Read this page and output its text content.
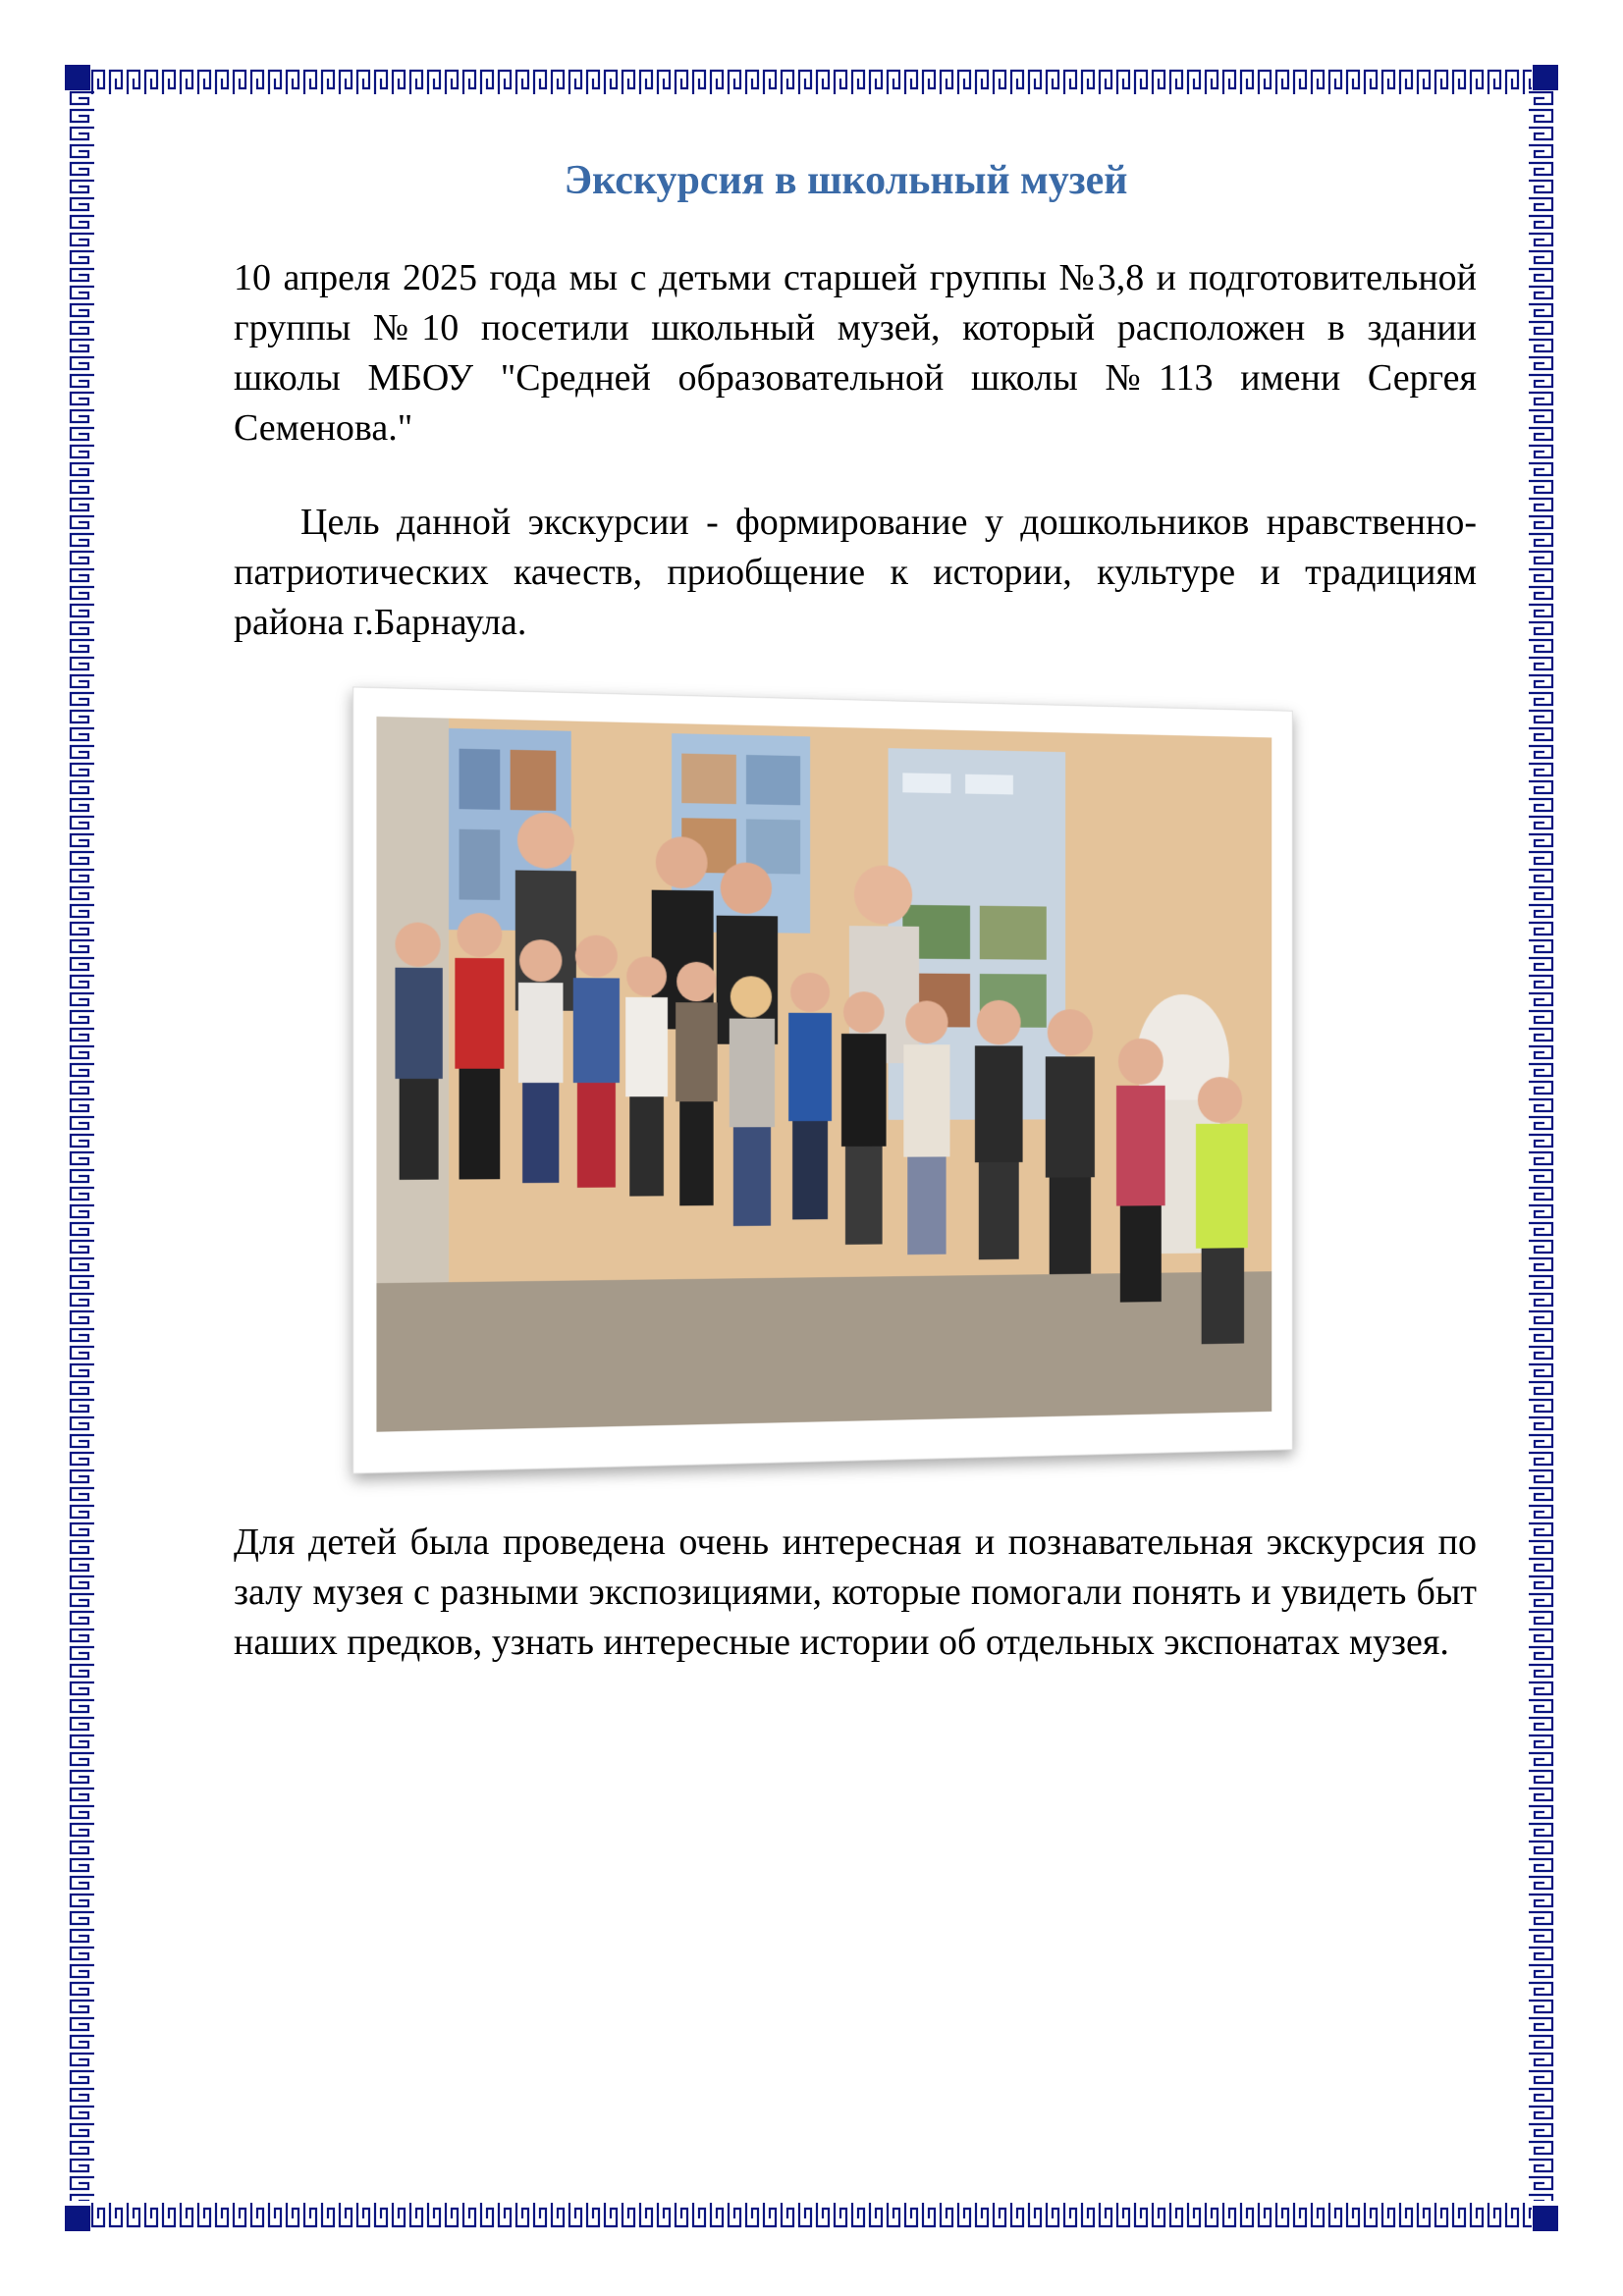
Экскурсия в школьный музей

10 апреля 2025 года мы с детьми старшей группы №3,8 и подготовительной группы №10 посетили школьный музей, который расположен в здании школы МБОУ "Средней образовательной школы №113 имени Сергея Семенова."

Цель данной экскурсии - формирование у дошкольников нравственно-патриотических качеств, приобщение к истории, культуре и традициям района г.Барнаула.

Для детей была проведена очень интересная и познавательная экскурсия по залу музея с разными экспозициями, которые помогали понять и увидеть быт наших предков, узнать интересные истории об отдельных экспонатах музея.
